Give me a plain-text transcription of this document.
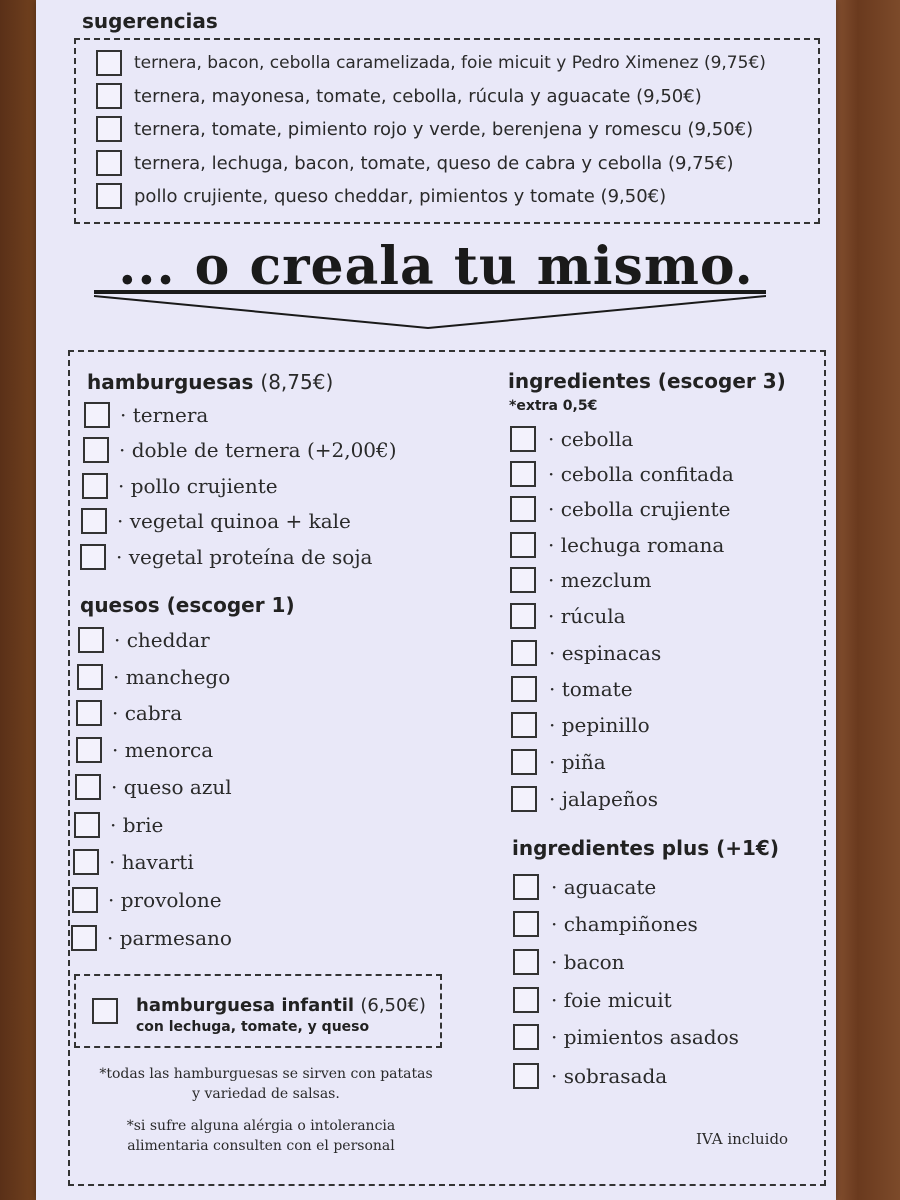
sugerencias
ternera, bacon, cebolla caramelizada, foie micuit y Pedro Ximenez (9,75€)
ternera, mayonesa, tomate, cebolla, rúcula y aguacate (9,50€)
ternera, tomate, pimiento rojo y verde, berenjena y romescu (9,50€)
ternera, lechuga, bacon, tomate, queso de cabra y cebolla (9,75€)
pollo crujiente, queso cheddar, pimientos y tomate (9,50€)
... o creala tu mismo.
hamburguesas (8,75€)
· ternera
· doble de ternera (+2,00€)
· pollo crujiente
· vegetal quinoa + kale
· vegetal proteína de soja
quesos (escoger 1)
· cheddar
· manchego
· cabra
· menorca
· queso azul
· brie
· havarti
· provolone
· parmesano
hamburguesa infantil (6,50€)
con lechuga, tomate, y queso
*todas las hamburguesas se sirven con patatas
y variedad de salsas.
*si sufre alguna alérgia o intolerancia
alimentaria consulten con el personal	IVA incluido
ingredientes (escoger 3)
*extra 0,5€
· cebolla
· cebolla confitada
· cebolla crujiente
· lechuga romana
· mezclum
· rúcula
· espinacas
· tomate
· pepinillo
· piña
· jalapeños
ingredientes plus (+1€)
· aguacate
· champiñones
· bacon
· foie micuit
· pimientos asados
· sobrasada
